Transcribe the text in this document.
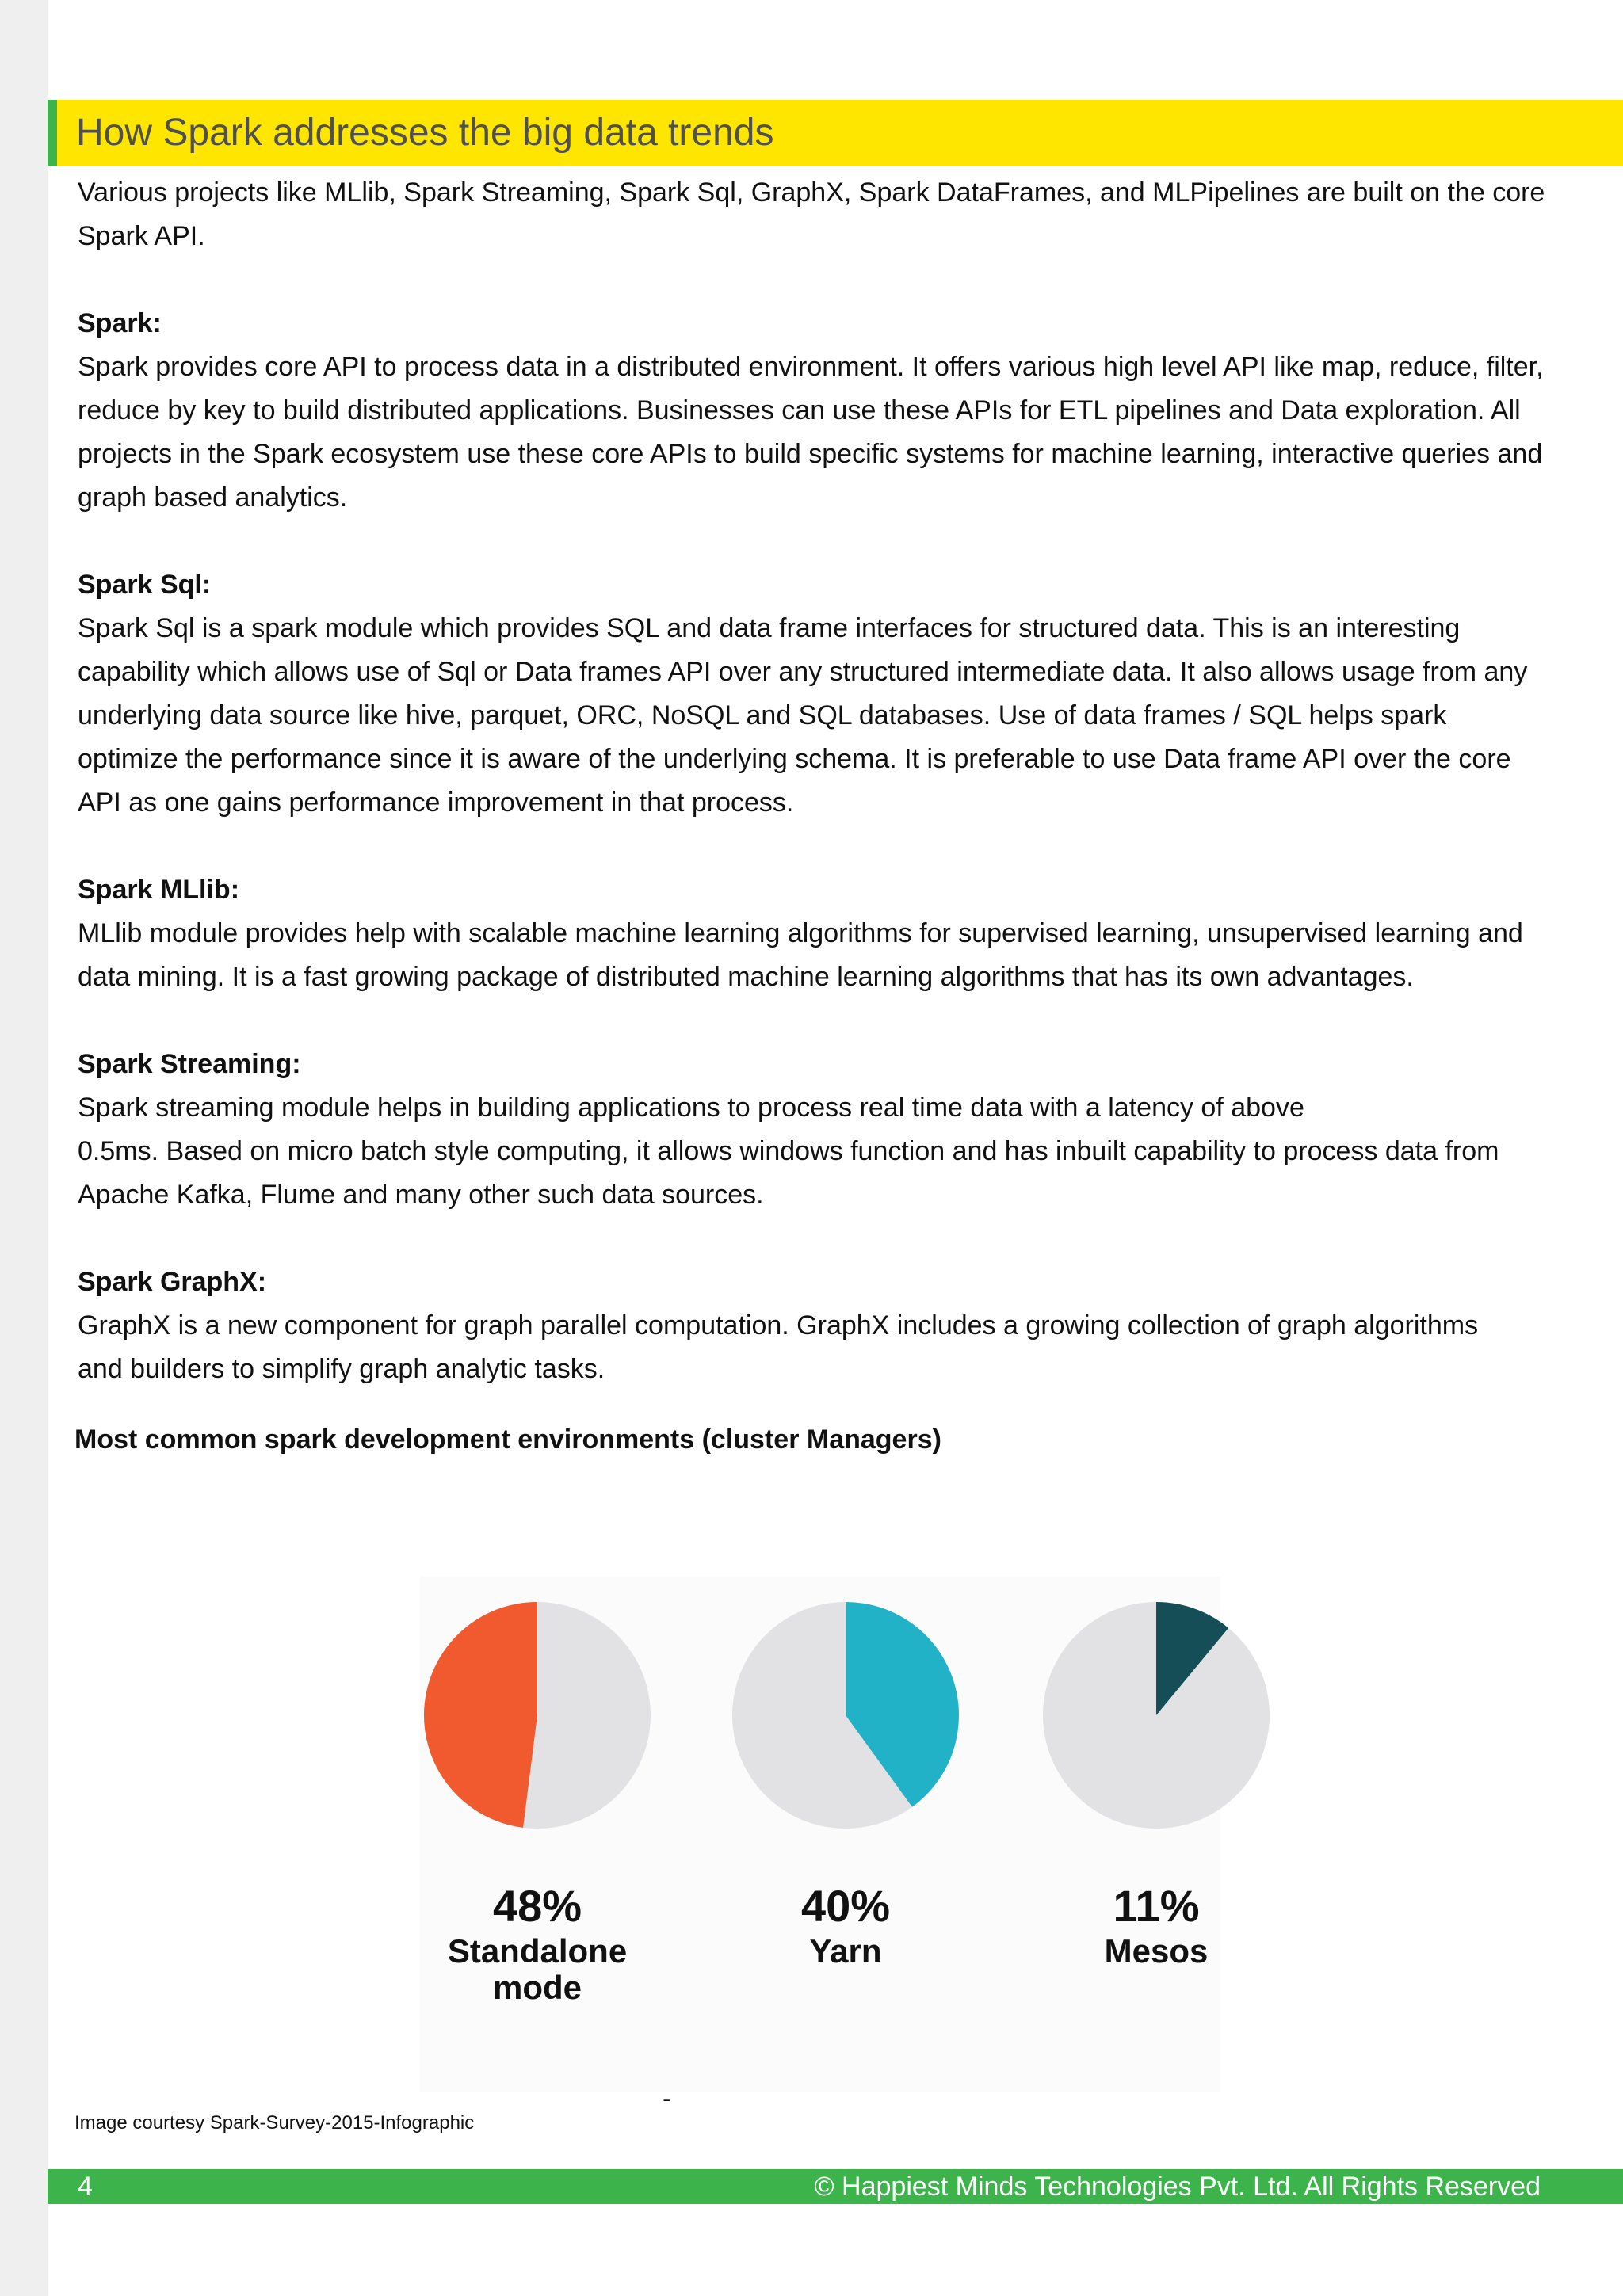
How Spark addresses the big data trends

Various projects like MLlib, Spark Streaming, Spark Sql, GraphX, Spark DataFrames, and MLPipelines are built on the core

Spark API.

Spark:

Spark provides core API to process data in a distributed environment. It offers various high level API like map, reduce, filter,

reduce by key to build distributed applications. Businesses can use these APIs for ETL pipelines and Data exploration. All

projects in the Spark ecosystem use these core APIs to build specific systems for machine learning, interactive queries and

graph based analytics.

Spark Sql:

Spark Sql is a spark module which provides SQL and data frame interfaces for structured data. This is an interesting

capability which allows use of Sql or Data frames API over any structured intermediate data. It also allows usage from any

underlying data source like hive, parquet, ORC, NoSQL and SQL databases. Use of data frames / SQL helps spark

optimize the performance since it is aware of the underlying schema. It is preferable to use Data frame API over the core

API as one gains performance improvement in that process.

Spark MLlib:

MLlib module provides help with scalable machine learning algorithms for supervised learning, unsupervised learning and

data mining. It is a fast growing package of distributed machine learning algorithms that has its own advantages.

Spark Streaming:

Spark streaming module helps in building applications to process real time data with a latency of above

0.5ms. Based on micro batch style computing, it allows windows function and has inbuilt capability to process data from

Apache Kafka, Flume and many other such data sources.

Spark GraphX:

GraphX is a new component for graph parallel computation. GraphX includes a growing collection of graph algorithms

and builders to simplify graph analytic tasks.

Most common spark development environments (cluster Managers)

48%
Standalone
mode
40%
Yarn
11%
Mesos
-
Image courtesy Spark-Survey-2015-Infographic
4	© Happiest Minds Technologies Pvt. Ltd. All Rights Reserved
